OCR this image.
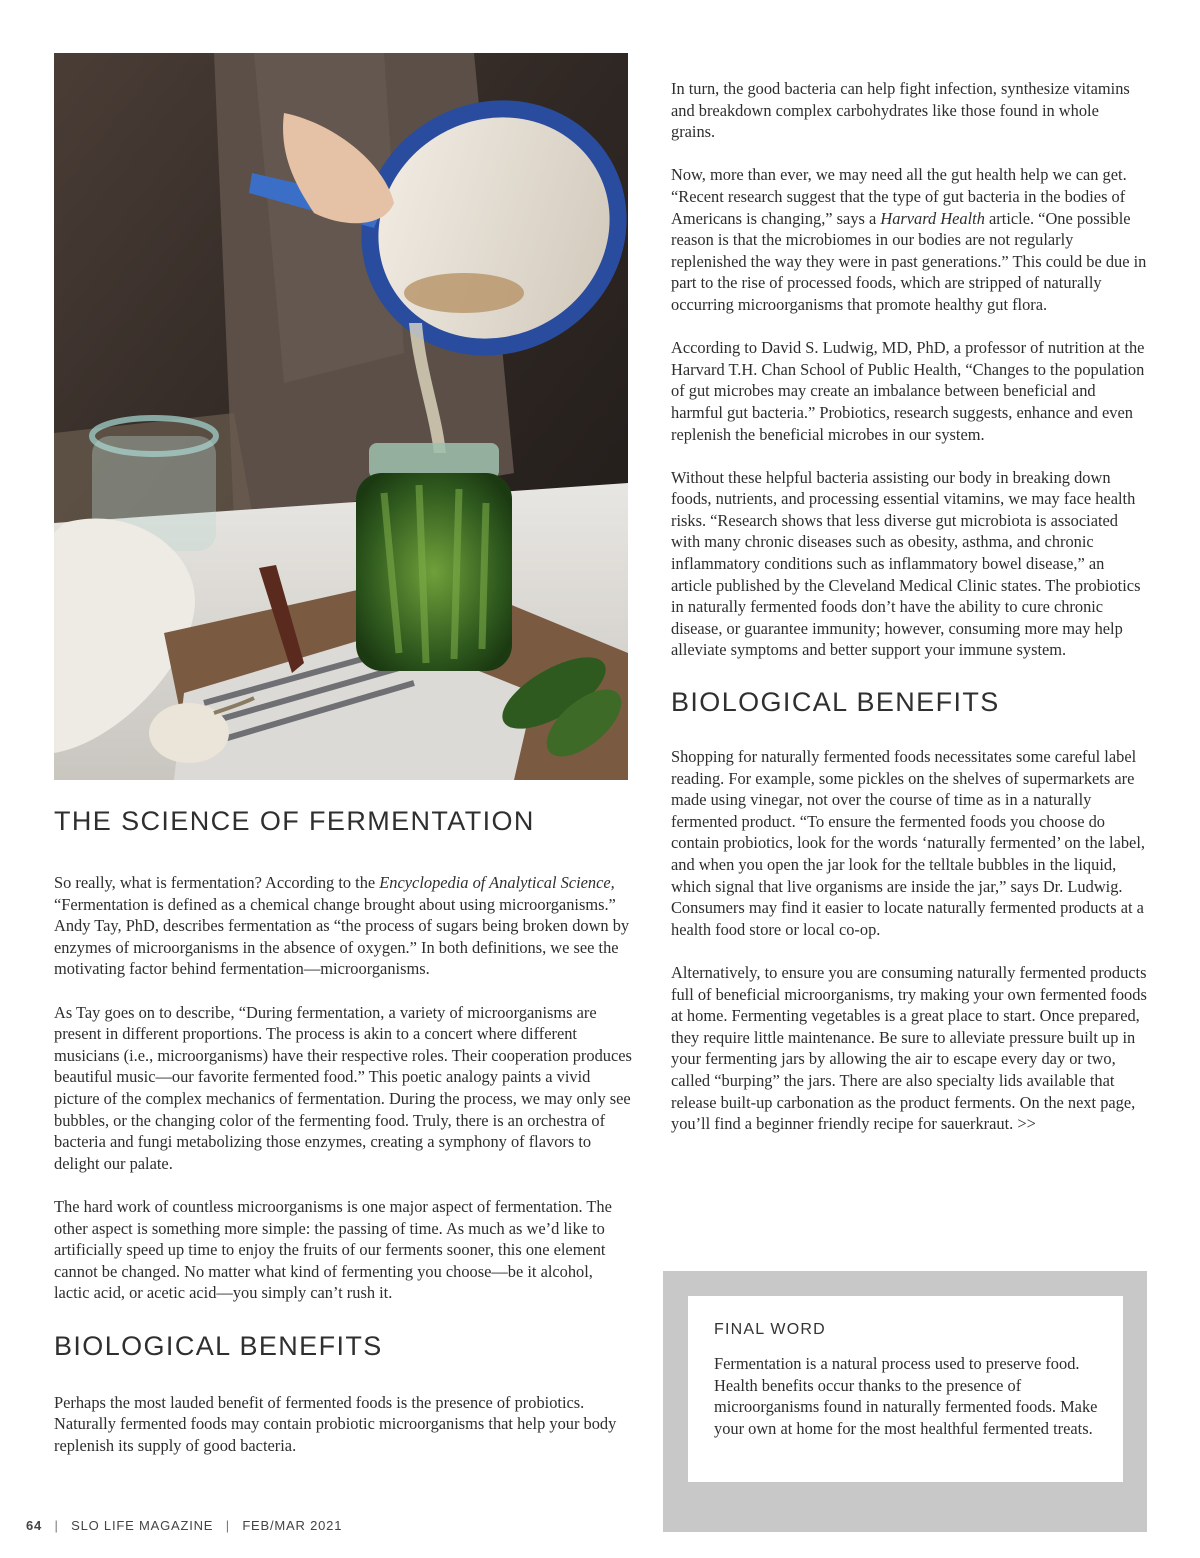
THE SCIENCE OF FERMENTATION

So really, what is fermentation? According to the Encyclopedia of Analytical Science, “Fermentation is defined as a chemical change brought about using microorganisms.” Andy Tay, PhD, describes fermentation as “the process of sugars being broken down by enzymes of microorganisms in the absence of oxygen.” In both definitions, we see the motivating factor behind fermentation—microorganisms.

As Tay goes on to describe, “During fermentation, a variety of microorganisms are present in different proportions. The process is akin to a concert where different musicians (i.e., microorganisms) have their respective roles. Their cooperation produces beautiful music—our favorite fermented food.” This poetic analogy paints a vivid picture of the complex mechanics of fermentation. During the process, we may only see bubbles, or the changing color of the fermenting food. Truly, there is an orchestra of bacteria and fungi metabolizing those enzymes, creating a symphony of flavors to delight our palate.

The hard work of countless microorganisms is one major aspect of fermentation. The other aspect is something more simple: the passing of time. As much as we’d like to artificially speed up time to enjoy the fruits of our ferments sooner, this one element cannot be changed. No matter what kind of fermenting you choose—be it alcohol, lactic acid, or acetic acid—you simply can’t rush it.

BIOLOGICAL BENEFITS

Perhaps the most lauded benefit of fermented foods is the presence of probiotics. Naturally fermented foods may contain probiotic microorganisms that help your body replenish its supply of good bacteria.

In turn, the good bacteria can help fight infection, synthesize vitamins and breakdown complex carbohydrates like those found in whole grains.

Now, more than ever, we may need all the gut health help we can get. “Recent research suggest that the type of gut bacteria in the bodies of Americans is changing,” says a Harvard Health article. “One possible reason is that the microbiomes in our bodies are not regularly replenished the way they were in past generations.” This could be due in part to the rise of processed foods, which are stripped of naturally occurring microorganisms that promote healthy gut flora.

According to David S. Ludwig, MD, PhD, a professor of nutrition at the Harvard T.H. Chan School of Public Health, “Changes to the population of gut microbes may create an imbalance between beneficial and harmful gut bacteria.” Probiotics, research suggests, enhance and even replenish the beneficial microbes in our system.

Without these helpful bacteria assisting our body in breaking down foods, nutrients, and processing essential vitamins, we may face health risks. “Research shows that less diverse gut microbiota is associated with many chronic diseases such as obesity, asthma, and chronic inflammatory conditions such as inflammatory bowel disease,” an article published by the Cleveland Medical Clinic states. The probiotics in naturally fermented foods don’t have the ability to cure chronic disease, or guarantee immunity; however, consuming more may help alleviate symptoms and better support your immune system.

BIOLOGICAL BENEFITS

Shopping for naturally fermented foods necessitates some careful label reading. For example, some pickles on the shelves of supermarkets are made using vinegar, not over the course of time as in a naturally fermented product. “To ensure the fermented foods you choose do contain probiotics, look for the words ‘naturally fermented’ on the label, and when you open the jar look for the telltale bubbles in the liquid, which signal that live organisms are inside the jar,” says Dr. Ludwig. Consumers may find it easier to locate naturally fermented products at a health food store or local co-op.

Alternatively, to ensure you are consuming naturally fermented products full of beneficial microorganisms, try making your own fermented foods at home. Fermenting vegetables is a great place to start. Once prepared, they require little maintenance. Be sure to alleviate pressure built up in your fermenting jars by allowing the air to escape every day or two, called “burping” the jars. There are also specialty lids available that release built-up carbonation as the product ferments. On the next page, you’ll find a beginner friendly recipe for sauerkraut. >>

FINAL WORD

Fermentation is a natural process used to preserve food. Health benefits occur thanks to the presence of microorganisms found in naturally fermented foods. Make your own at home for the most healthful fermented treats.

64 | SLO LIFE MAGAZINE | FEB/MAR 2021
